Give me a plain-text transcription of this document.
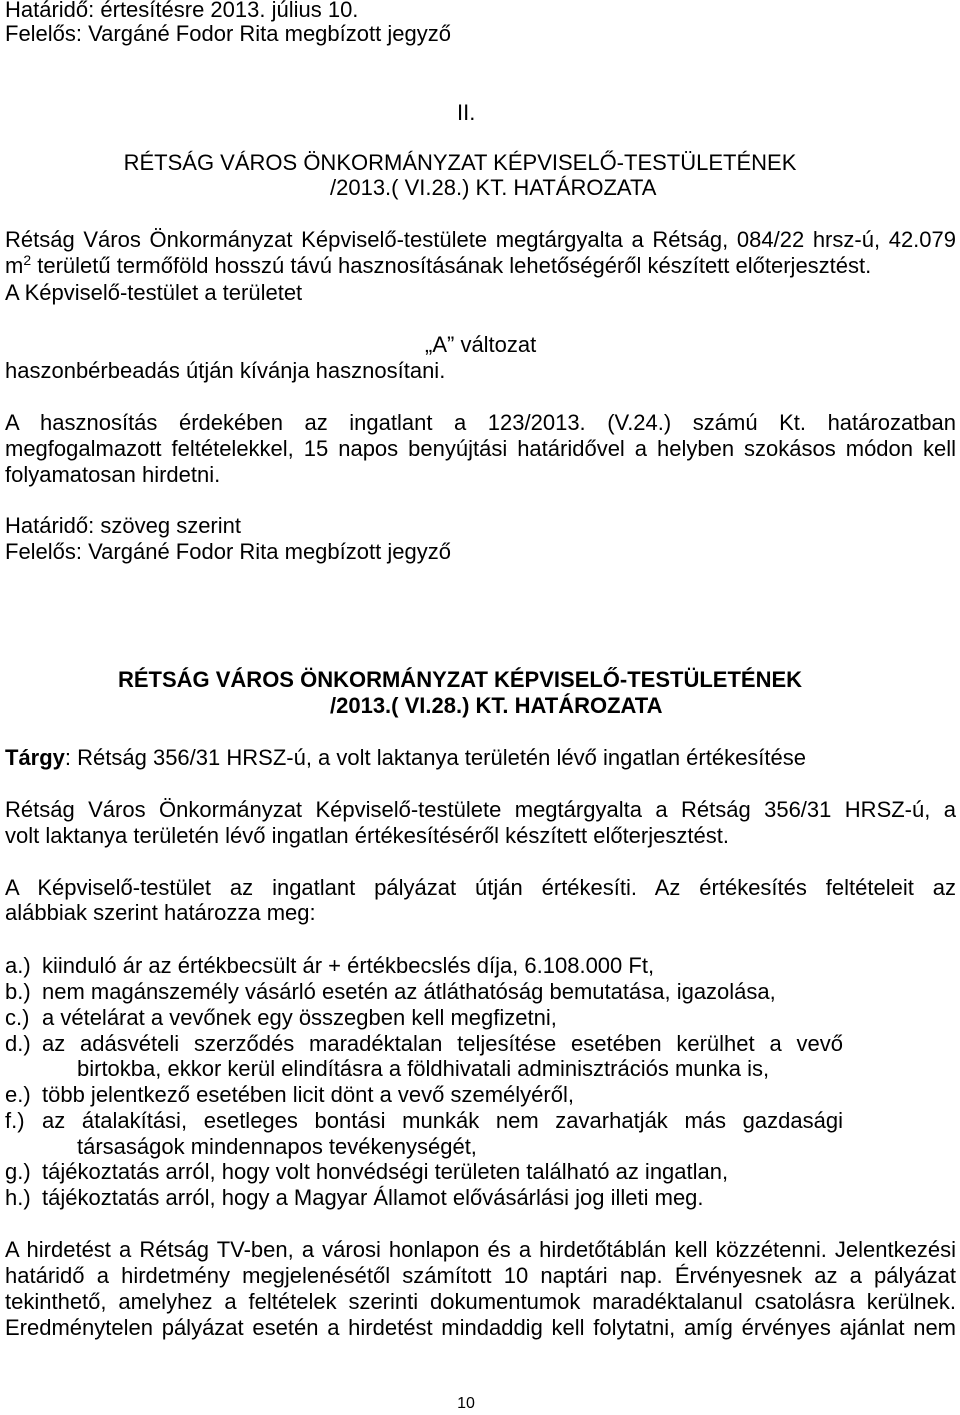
Határidő: értesítésre 2013. július 10.
Felelős: Vargáné Fodor Rita megbízott jegyző
II.
RÉTSÁG VÁROS ÖNKORMÁNYZAT KÉPVISELŐ-TESTÜLETÉNEK
/2013.( VI.28.) KT. HATÁROZATA
Rétság Város Önkormányzat Képviselő-testülete megtárgyalta a Rétság, 084/22 hrsz-ú, 42.079
$m^2$ területű termőföld hosszú távú hasznosításának lehetőségéről készített előterjesztést.
A Képviselő-testület a területet
„A” változat
haszonbérbeadás útján kívánja hasznosítani.
A hasznosítás érdekében az ingatlant a 123/2013. (V.24.) számú Kt. határozatban
megfogalmazott feltételekkel, 15 napos benyújtási határidővel a helyben szokásos módon kell
folyamatosan hirdetni.
Határidő: szöveg szerint
Felelős: Vargáné Fodor Rita megbízott jegyző
RÉTSÁG VÁROS ÖNKORMÁNYZAT KÉPVISELŐ-TESTÜLETÉNEK
/2013.( VI.28.) KT. HATÁROZATA
Tárgy: Rétság 356/31 HRSZ-ú, a volt laktanya területén lévő ingatlan értékesítése
Rétság Város Önkormányzat Képviselő-testülete megtárgyalta a Rétság 356/31 HRSZ-ú, a
volt laktanya területén lévő ingatlan értékesítéséről készített előterjesztést.
A Képviselő-testület az ingatlant pályázat útján értékesíti. Az értékesítés feltételeit az
alábbiak szerint határozza meg:
a.) kiinduló ár az értékbecsült ár + értékbecslés díja, 6.108.000 Ft,
b.) nem magánszemély vásárló esetén az átláthatóság bemutatása, igazolása,
c.) a vételárat a vevőnek egy összegben kell megfizetni,
d.) az adásvételi szerződés maradéktalan teljesítése esetében kerülhet a vevő
birtokba, ekkor kerül elindításra a földhivatali adminisztrációs munka is,
e.) több jelentkező esetében licit dönt a vevő személyéről,
f.) az átalakítási, esetleges bontási munkák nem zavarhatják más gazdasági
társaságok mindennapos tevékenységét,
g.) tájékoztatás arról, hogy volt honvédségi területen található az ingatlan,
h.) tájékoztatás arról, hogy a Magyar Államot elővásárlási jog illeti meg.
A hirdetést a Rétság TV-ben, a városi honlapon és a hirdetőtáblán kell közzétenni. Jelentkezési
határidő a hirdetmény megjelenésétől számított 10 naptári nap. Érvényesnek az a pályázat
tekinthető, amelyhez a feltételek szerinti dokumentumok maradéktalanul csatolásra kerülnek.
Eredménytelen pályázat esetén a hirdetést mindaddig kell folytatni, amíg érvényes ajánlat nem
10
